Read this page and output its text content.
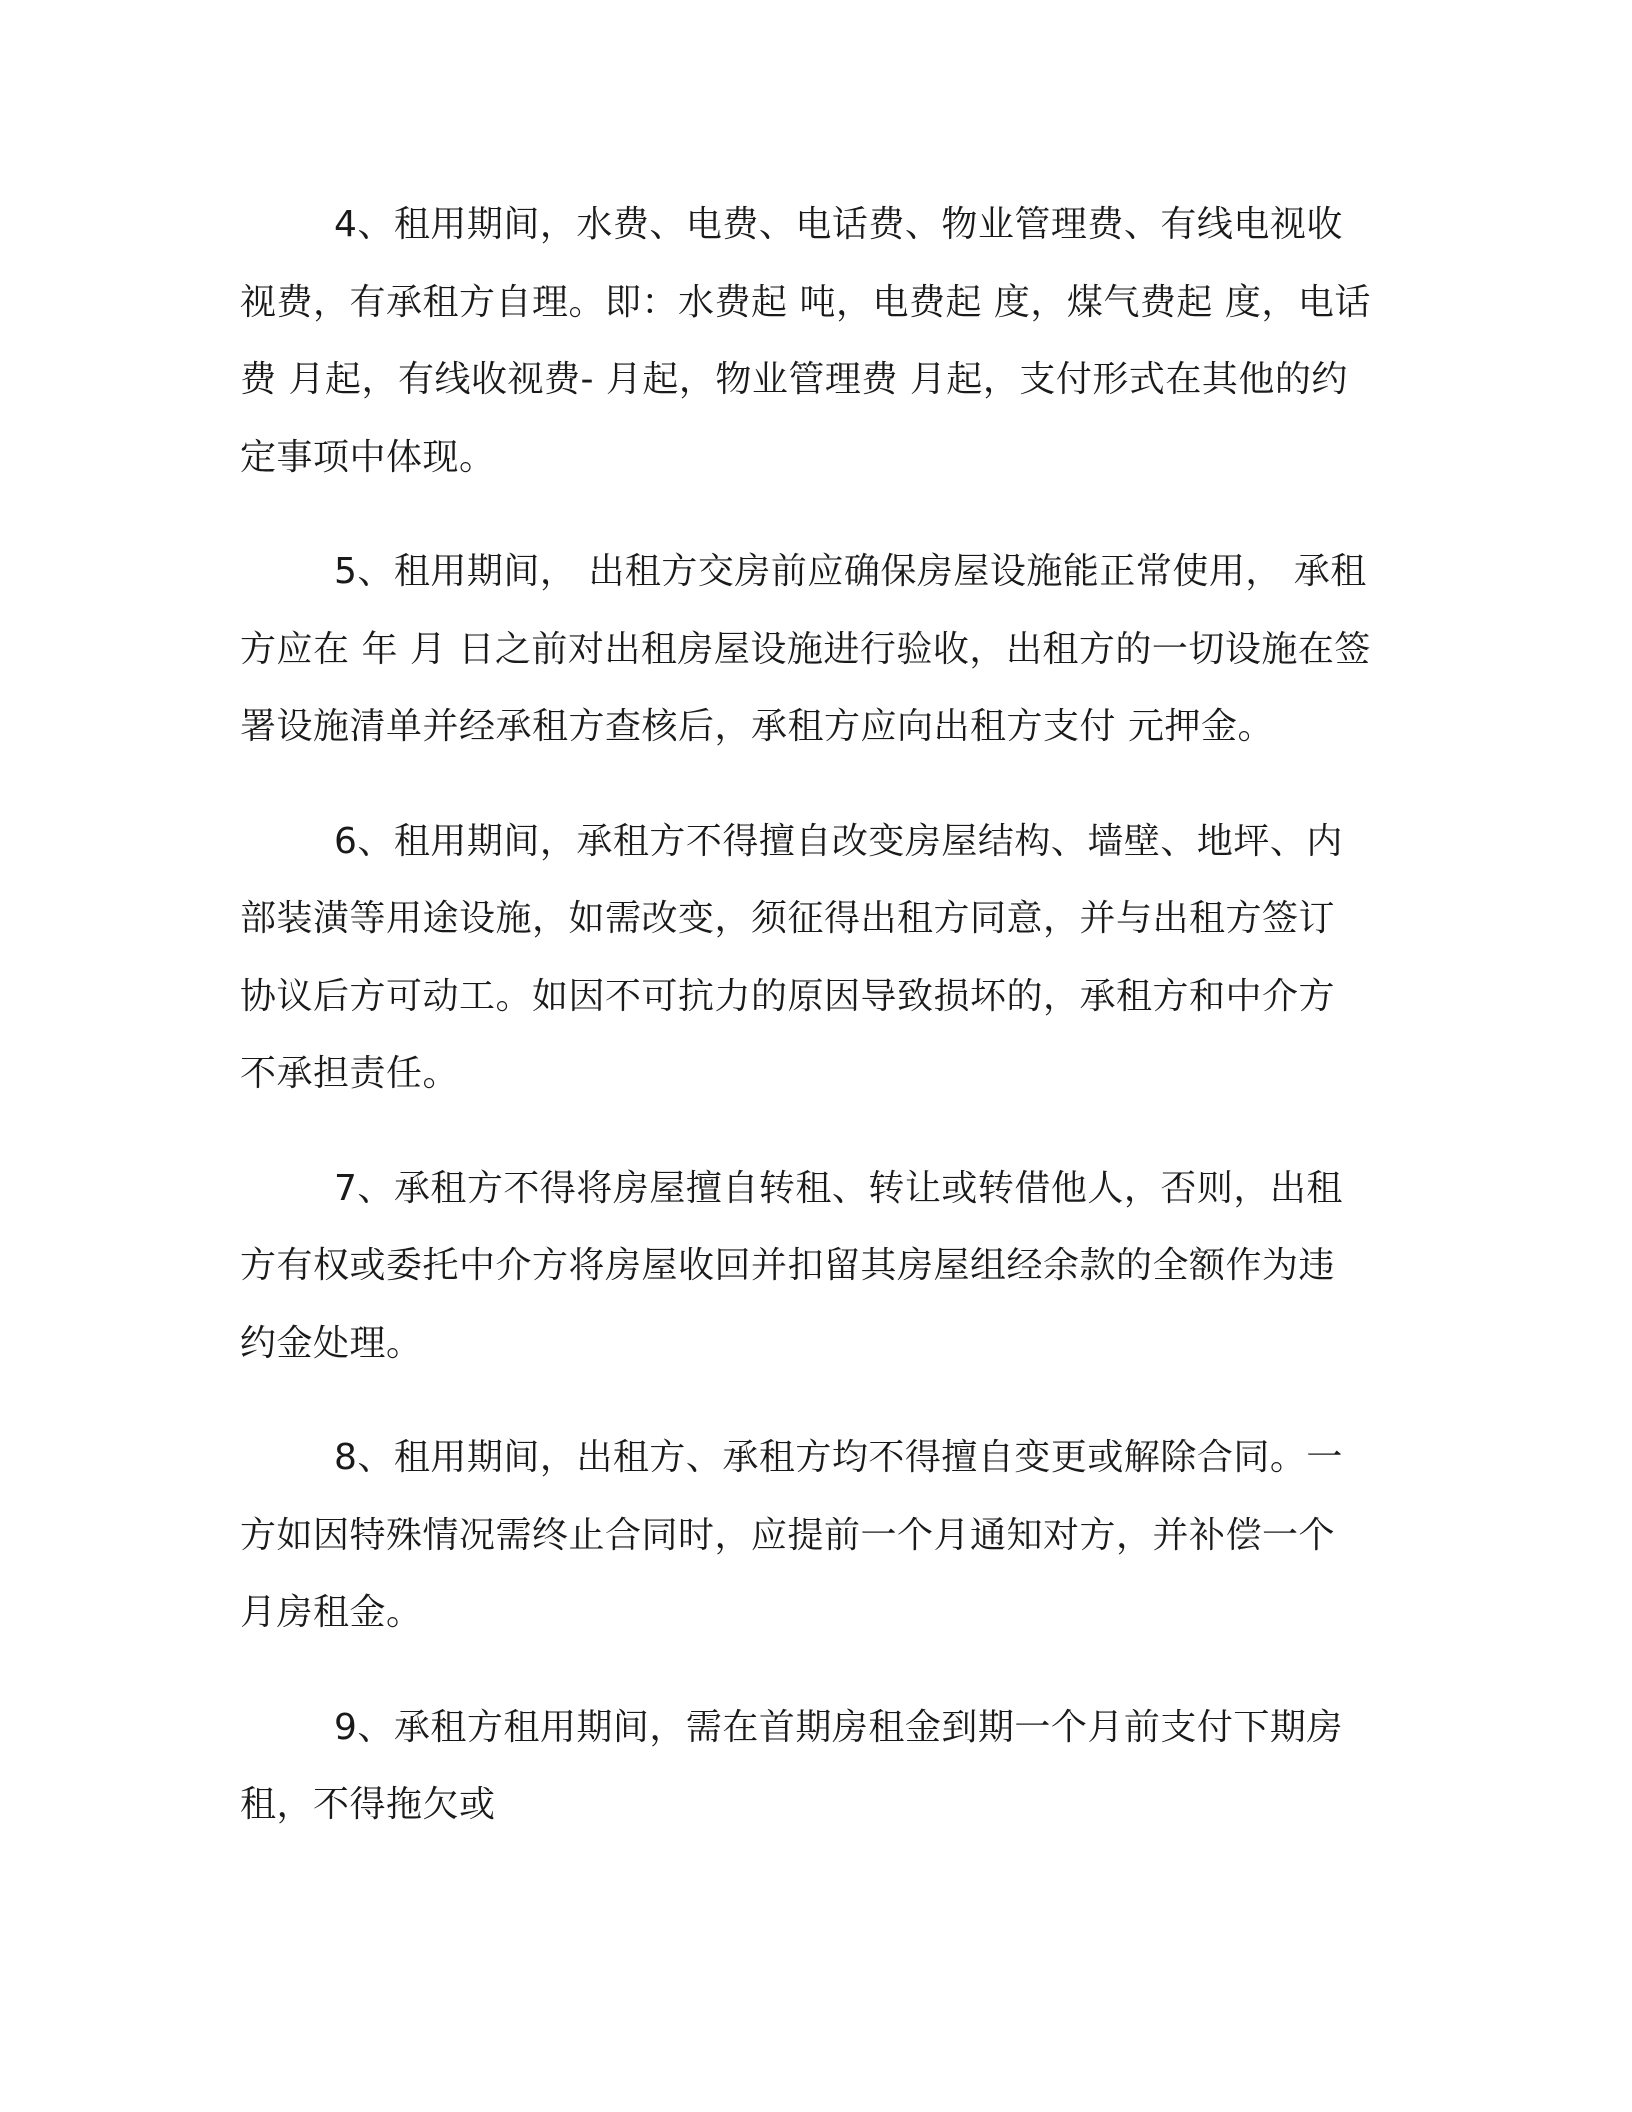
4、租用期间，水费、电费、电话费、物业管理费、有线电视收
视费，有承租方自理。即：水费起 吨，电费起 度，煤气费起 度，电话
费 月起，有线收视费- 月起，物业管理费 月起，支付形式在其他的约
定事项中体现。

5、租用期间， 出租方交房前应确保房屋设施能正常使用， 承租
方应在 年 月 日之前对出租房屋设施进行验收，出租方的一切设施在签
署设施清单并经承租方查核后，承租方应向出租方支付 元押金。

6、租用期间，承租方不得擅自改变房屋结构、墙壁、地坪、内
部装潢等用途设施，如需改变，须征得出租方同意，并与出租方签订
协议后方可动工。如因不可抗力的原因导致损坏的，承租方和中介方
不承担责任。

7、承租方不得将房屋擅自转租、转让或转借他人，否则，出租
方有权或委托中介方将房屋收回并扣留其房屋组经余款的全额作为违
约金处理。

8、租用期间，出租方、承租方均不得擅自变更或解除合同。一
方如因特殊情况需终止合同时，应提前一个月通知对方，并补偿一个
月房租金。

9、承租方租用期间，需在首期房租金到期一个月前支付下期房
租，不得拖欠或
